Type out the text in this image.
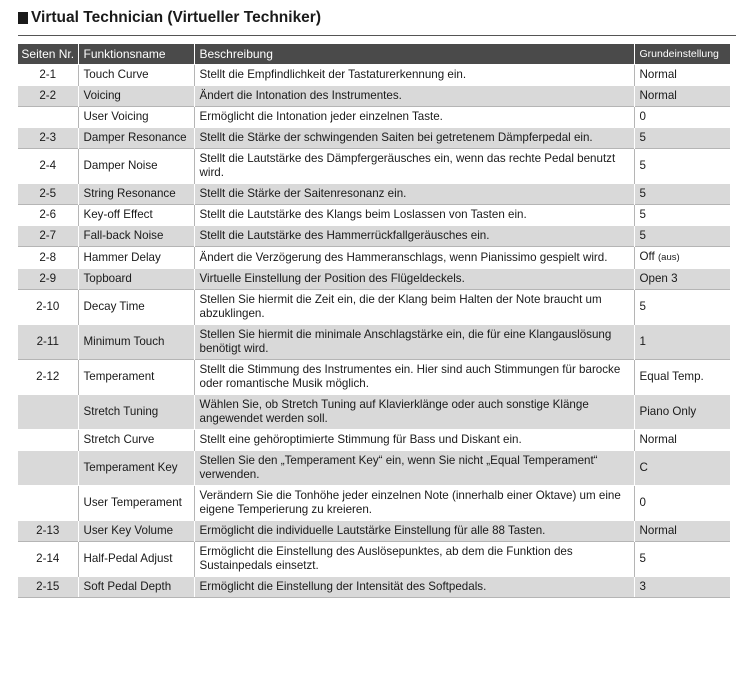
Virtual Technician (Virtueller Techniker)
Seiten Nr.	Funktionsname	Beschreibung	Grundeinstellung
2-1	Touch Curve	Stellt die Empfindlichkeit der Tastaturerkennung ein.	Normal
2-2	Voicing	Ändert die Intonation des Instrumentes.	Normal
	User Voicing	Ermöglicht die Intonation jeder einzelnen Taste.	0
2-3	Damper Resonance	Stellt die Stärke der schwingenden Saiten bei getretenem Dämpferpedal ein.	5
2-4	Damper Noise	Stellt die Lautstärke des Dämpfergeräusches ein, wenn das rechte Pedal benutzt wird.	5
2-5	String Resonance	Stellt die Stärke der Saitenresonanz ein.	5
2-6	Key-off Effect	Stellt die Lautstärke des Klangs beim Loslassen von Tasten ein.	5
2-7	Fall-back Noise	Stellt die Lautstärke des Hammerrückfallgeräusches ein.	5
2-8	Hammer Delay	Ändert die Verzögerung des Hammeranschlags, wenn Pianissimo gespielt wird.	Off (aus)
2-9	Topboard	Virtuelle Einstellung der Position des Flügeldeckels.	Open 3
2-10	Decay Time	Stellen Sie hiermit die Zeit ein, die der Klang beim Halten der Note braucht um abzuklingen.	5
2-11	Minimum Touch	Stellen Sie hiermit die minimale Anschlagstärke ein, die für eine Klangauslösung benötigt wird.	1
2-12	Temperament	Stellt die Stimmung des Instrumentes ein. Hier sind auch Stimmungen für barocke oder romantische Musik möglich.	Equal Temp.
	Stretch Tuning	Wählen Sie, ob Stretch Tuning auf Klavierklänge oder auch sonstige Klänge angewendet werden soll.	Piano Only
	Stretch Curve	Stellt eine gehöroptimierte Stimmung für Bass und Diskant ein.	Normal
	Temperament Key	Stellen Sie den „Temperament Key“ ein, wenn Sie nicht „Equal Temperament“ verwenden.	C
	User Temperament	Verändern Sie die Tonhöhe jeder einzelnen Note (innerhalb einer Oktave) um eine eigene Temperierung zu kreieren.	0
2-13	User Key Volume	Ermöglicht die individuelle Lautstärke Einstellung für alle 88 Tasten.	Normal
2-14	Half-Pedal Adjust	Ermöglicht die Einstellung des Auslösepunktes, ab dem die Funktion des Sustainpedals einsetzt.	5
2-15	Soft Pedal Depth	Ermöglicht die Einstellung der Intensität des Softpedals.	3
